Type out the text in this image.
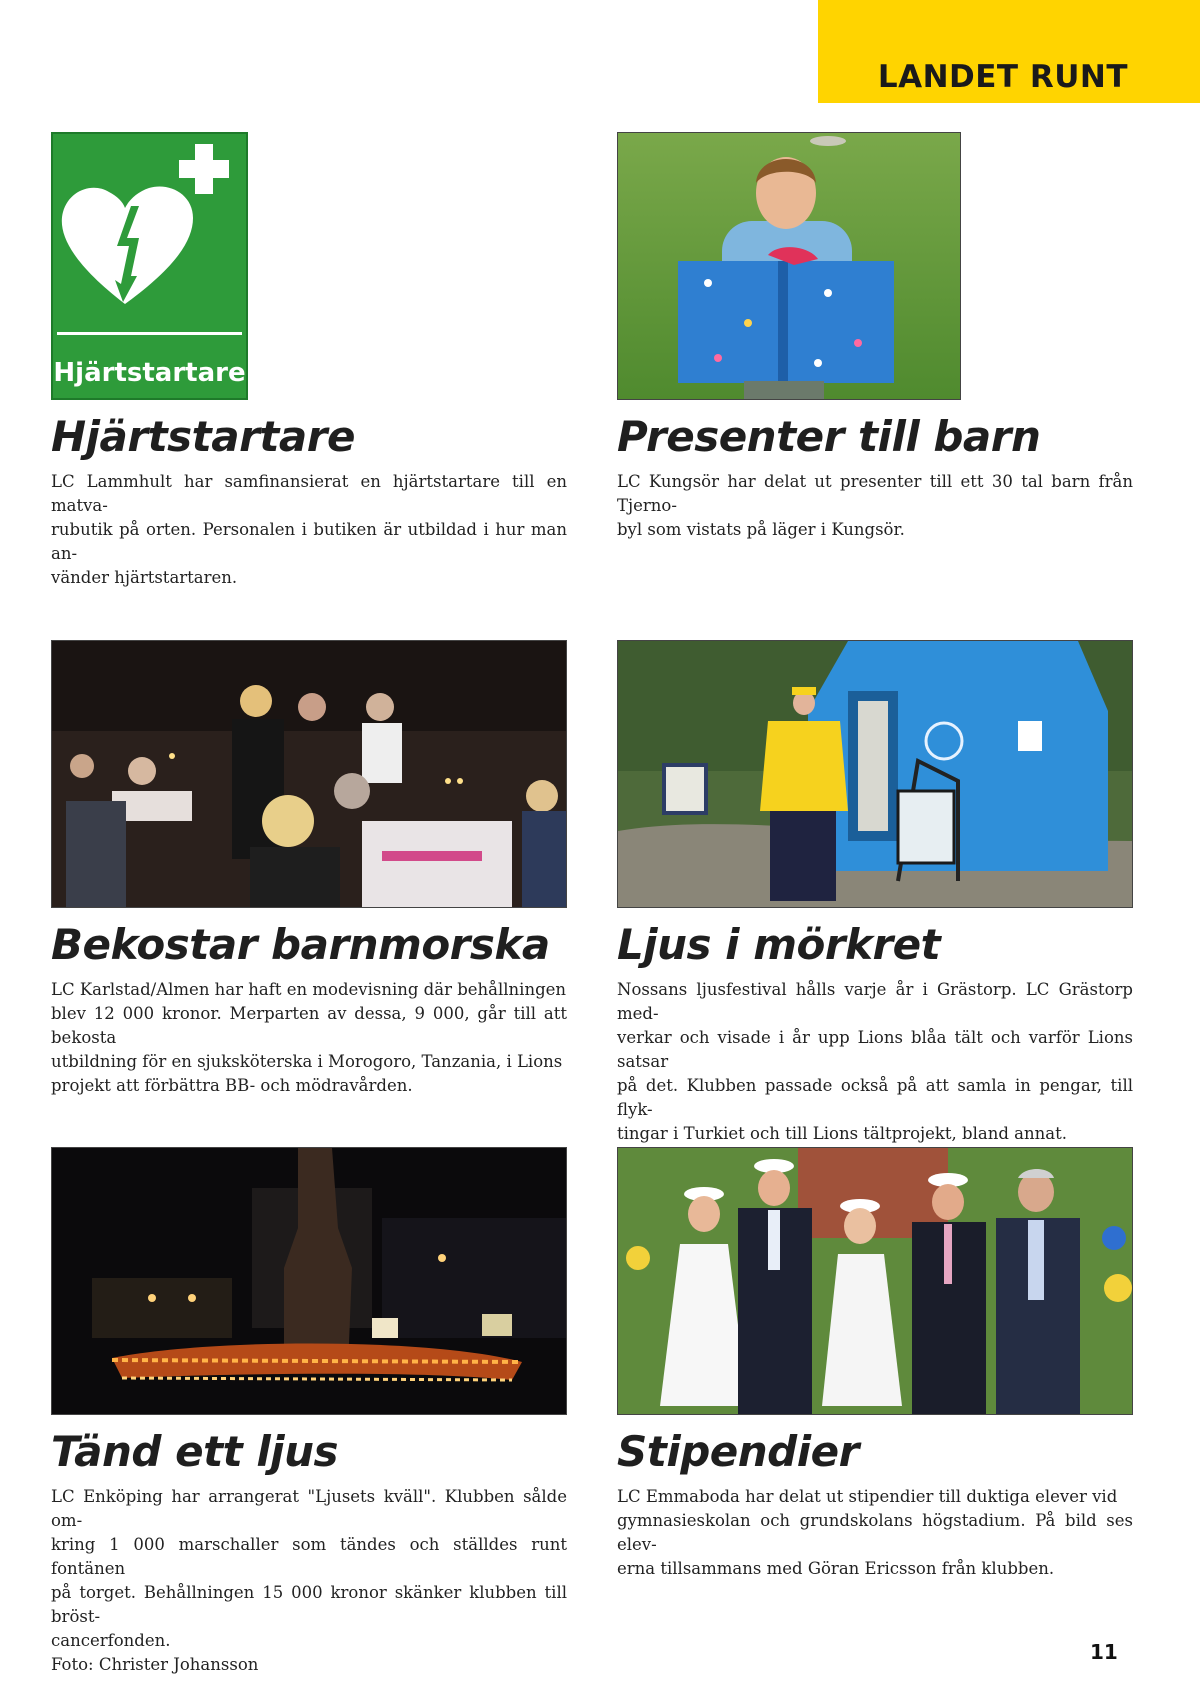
LANDET RUNT
Hjärtstartare
Hjärtstartare

LC Lammhult har samfinansierat en hjärtstartare till en matva-
rubutik på orten. Personalen i butiken är utbildad i hur man an-
vänder hjärtstartaren.

Presenter till barn

LC Kungsör har delat ut presenter till ett 30 tal barn från Tjerno-
byl som vistats på läger i Kungsör.

Bekostar barnmorska

LC Karlstad/Almen har haft en modevisning där behållningen
blev 12 000 kronor. Merparten av dessa, 9 000, går till att bekosta
utbildning för en sjuksköterska i Morogoro, Tanzania, i Lions
projekt att förbättra BB- och mödravården.

Ljus i mörkret

Nossans ljusfestival hålls varje år i Grästorp. LC Grästorp med-
verkar och visade i år upp Lions blåa tält och varför Lions satsar
på det. Klubben passade också på att samla in pengar, till flyk-
tingar i Turkiet och till Lions tältprojekt, bland annat.

Tänd ett ljus

LC Enköping har arrangerat "Ljusets kväll". Klubben sålde om-
kring 1 000 marschaller som tändes och ställdes runt fontänen
på torget. Behållningen 15 000 kronor skänker klubben till bröst-
cancerfonden.
Foto: Christer Johansson

Stipendier

LC Emmaboda har delat ut stipendier till duktiga elever vid
gymnasieskolan och grundskolans högstadium. På bild ses elev-
erna tillsammans med Göran Ericsson från klubben.

11
